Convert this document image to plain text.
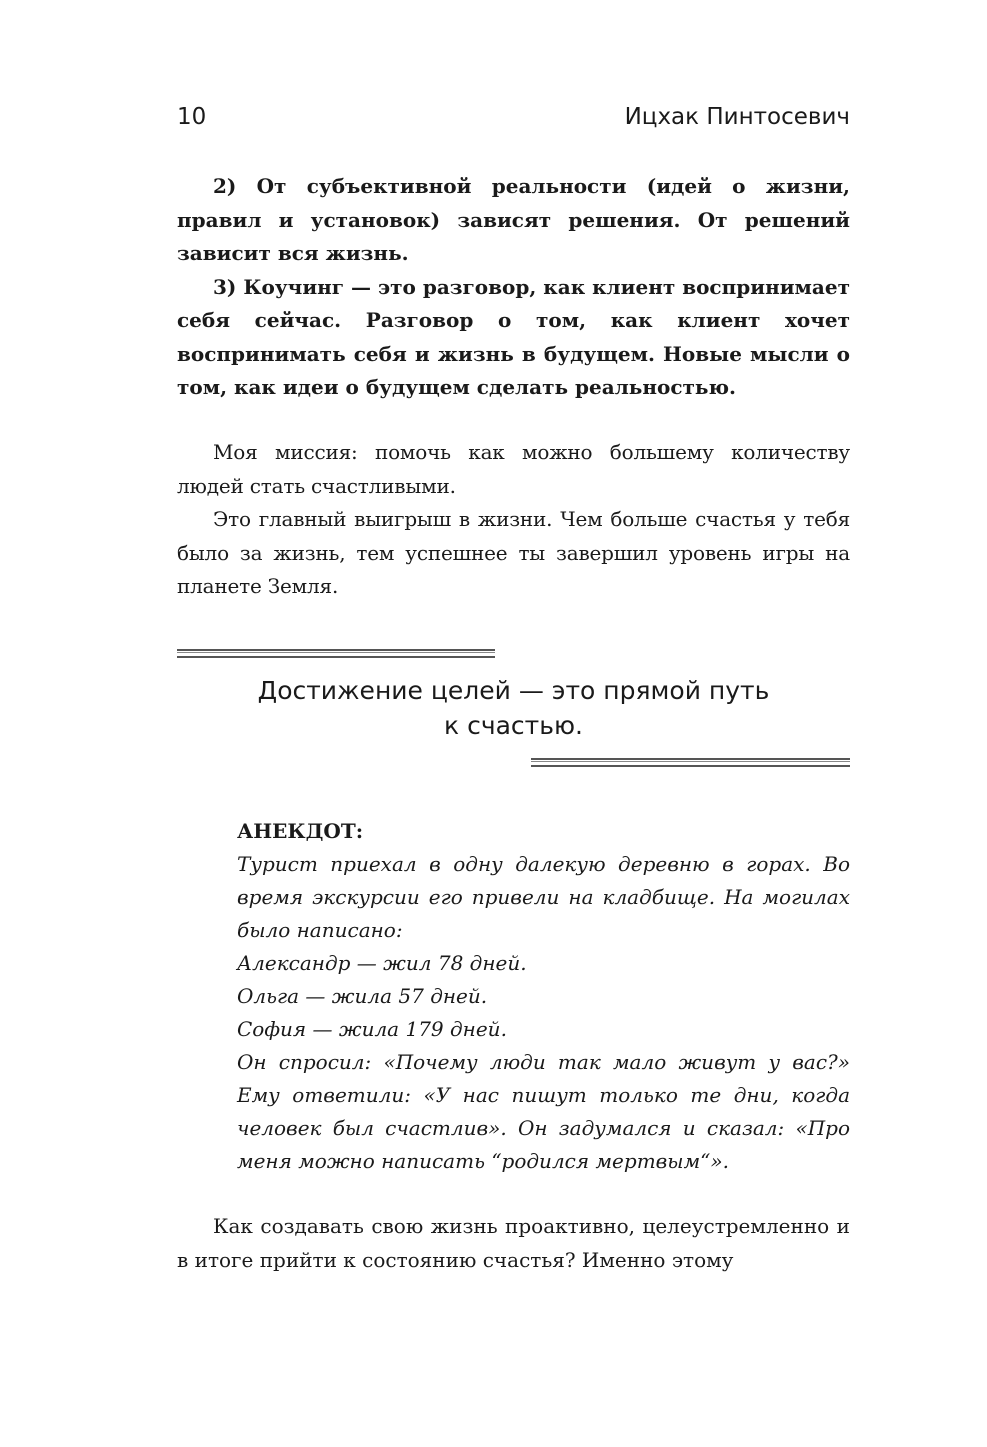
10	Ицхак Пинтосевич

2) От субъективной реальности (идей о жизни, правил и установок) зависят решения. От решений зависит вся жизнь.

3) Коучинг — это разговор, как клиент воспринимает себя сейчас. Разговор о том, как клиент хочет воспринимать себя и жизнь в будущем. Новые мысли о том, как идеи о будущем сделать реальностью.

Моя миссия: помочь как можно большему количеству людей стать счастливыми.

Это главный выигрыш в жизни. Чем больше счастья у тебя было за жизнь, тем успешнее ты завершил уровень игры на планете Земля.

Достижение целей — это прямой путь
к счастью.

АНЕКДОТ:

Турист приехал в одну далекую деревню в горах. Во время экскурсии его привели на кладбище. На могилах было написано:

Александр — жил 78 дней.

Ольга — жила 57 дней.

София — жила 179 дней.

Он спросил: «Почему люди так мало живут у вас?» Ему ответили: «У нас пишут только те дни, когда человек был счастлив». Он задумался и сказал: «Про меня можно написать “родился мертвым“».

Как создавать свою жизнь проактивно, целеустремленно и в итоге прийти к состоянию счастья? Именно этому
